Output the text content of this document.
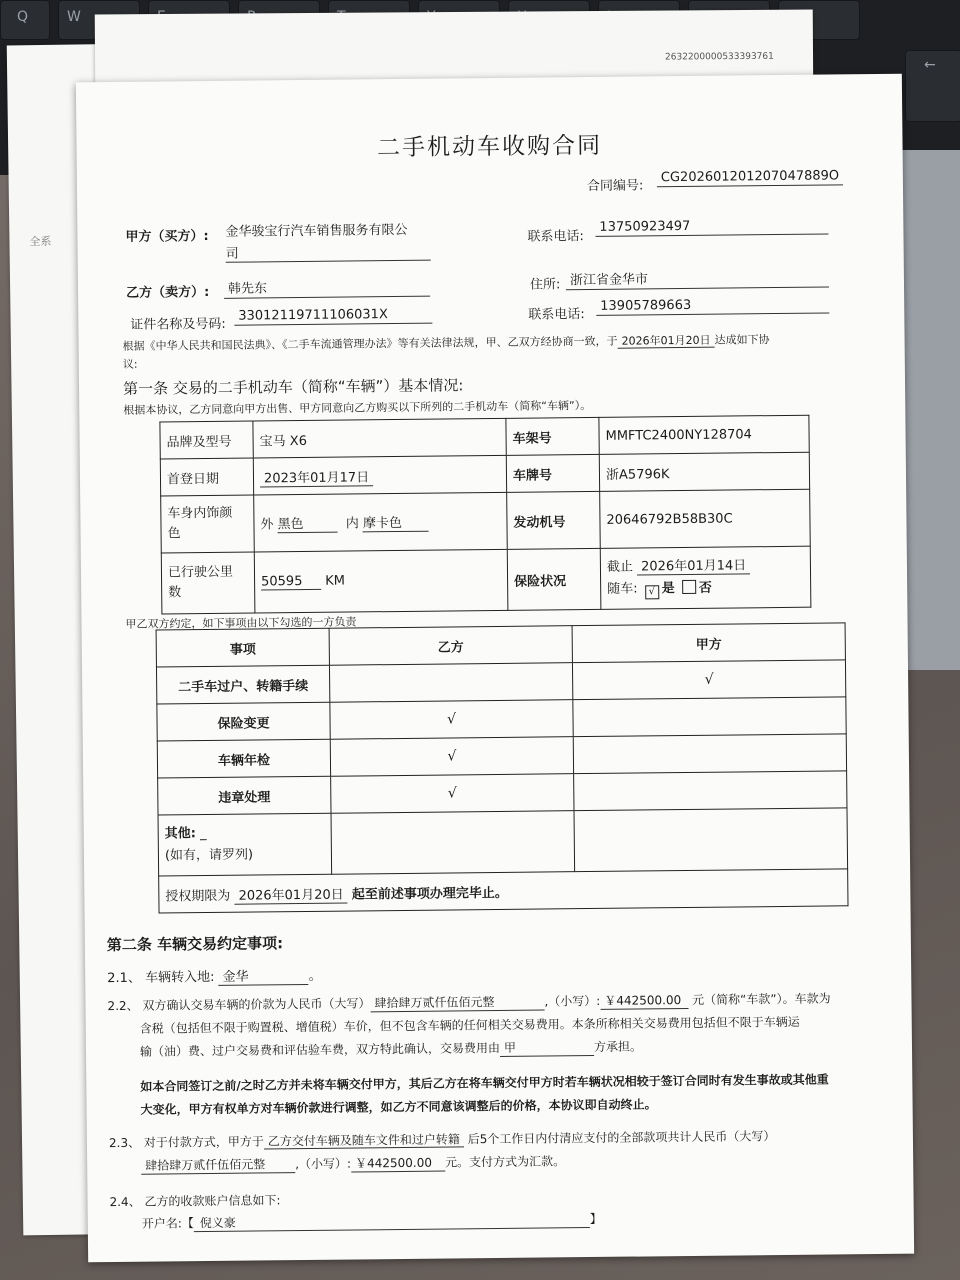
Q	W
←
全系
2632200000533393761
二手机动车收购合同
合同编号:
CG202601201207047889O
甲方（买方）: 金华骏宝行汽车销售服务有限公
司
联系电话:
13750923497
乙方（卖方）:	韩先东	住所: 浙江省金华市
证件名称及号码:
33012119711106031X	联系电话:
13905789663
根据《中华人民共和国民法典》、《二手车流通管理办法》等有关法律法规，甲、乙双方经协商一致，于 2026年01月20日 达成如下协
议:
第一条 交易的二手机动车（简称“车辆”）基本情况:
根据本协议，乙方同意向甲方出售、甲方同意向乙方购买以下所列的二手机动车（简称“车辆”）。
品牌及型号	宝马 X6	车架号	MMFTC2400NY128704
首登日期	2023年01月17日	车牌号	浙A5796K
车身内饰颜
色	外 黑色 内 摩卡色	发动机号	20646792B58B30C
已行驶公里
数	50595 KM	保险状况	截止 2026年01月14日
随车: √ 是 否
甲乙双方约定，如下事项由以下勾选的一方负责
事项	乙方	甲方
二手车过户、转籍手续		√
保险变更	√	
车辆年检	√	
违章处理	√	
其他: _
(如有，请罗列)		
授权期限为 2026年01月20日 起至前述事项办理完毕止。		
第二条 车辆交易约定事项:
2.1、 车辆转入地: 金华	。
2.2、 双方确认交易车辆的价款为人民币（大写） 肆拾肆万贰仟伍佰元整	,（小写）: ￥442500.00 元（简称“车款”）。车款为
含税（包括但不限于购置税、增值税）车价，但不包含车辆的任何相关交易费用。本条所称相关交易费用包括但不限于车辆运
输（油）费、过户交易费和评估验车费，双方特此确认，交易费用由 甲	方承担。
如本合同签订之前/之时乙方并未将车辆交付甲方，其后乙方在将车辆交付甲方时若车辆状况相较于签订合同时有发生事故或其他重
大变化，甲方有权单方对车辆价款进行调整，如乙方不同意该调整后的价格，本协议即自动终止。
2.3、 对于付款方式，甲方于 乙方交付车辆及随车文件和过户转籍 后5个工作日内付清应支付的全部款项共计人民币（大写）
肆拾肆万贰仟伍佰元整 ,（小写）: ￥442500.00 元。支付方式为汇款。
2.4、 乙方的收款账户信息如下:
开户名:【 倪义豪	】
